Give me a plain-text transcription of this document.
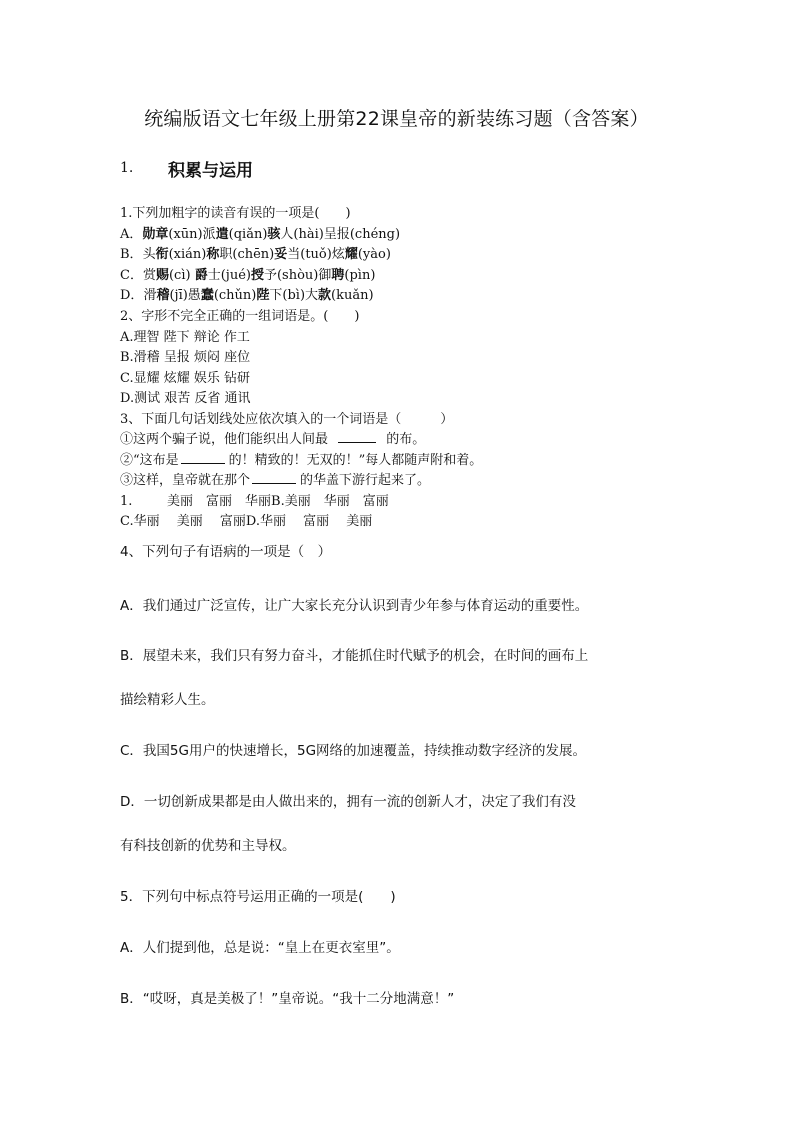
统编版语文七年级上册第22课皇帝的新装练习题（含答案）
1. 积累与运用
1.下列加粗字的读音有误的一项是(　　)
A．勋章(xūn)派遣(qiǎn)骇人(hài)呈报(chéng)
B．头衔(xián)称职(chēn)妥当(tuǒ)炫耀(yào)
C．赏赐(cì) 爵士(jué)授予(shòu)御聘(pìn)
D．滑稽(jī)愚蠢(chǔn)陛下(bì)大款(kuǎn)
2、字形不完全正确的一组词语是。(　　)
A.理智 陛下 辩论 作工
B.滑稽 呈报 烦闷 座位
C.显耀 炫耀 娱乐 钻研
D.测试 艰苦 反省 通讯
3、下面几句话划线处应依次填入的一个词语是（　　　）
①这两个骗子说，他们能织出人间最	的布。
②“这布是	的！精致的！无双的！”每人都随声附和着。
③这样，皇帝就在那个	的华盖下游行起来了。
1.	美丽　富丽　华丽B.美丽　华丽　富丽
C.华丽　 美丽　 富丽D.华丽　 富丽　 美丽
4、下列句子有语病的一项是（　）
A．我们通过广泛宣传，让广大家长充分认识到青少年参与体育运动的重要性。
B．展望未来，我们只有努力奋斗，才能抓住时代赋予的机会，在时间的画布上
描绘精彩人生。
C．我国5G用户的快速增长，5G网络的加速覆盖，持续推动数字经济的发展。
D．一切创新成果都是由人做出来的，拥有一流的创新人才，决定了我们有没
有科技创新的优势和主导权。
5．下列句中标点符号运用正确的一项是(　　)
A．人们提到他，总是说：“皇上在更衣室里”。
B．“哎呀，真是美极了！”皇帝说。“我十二分地满意！”
